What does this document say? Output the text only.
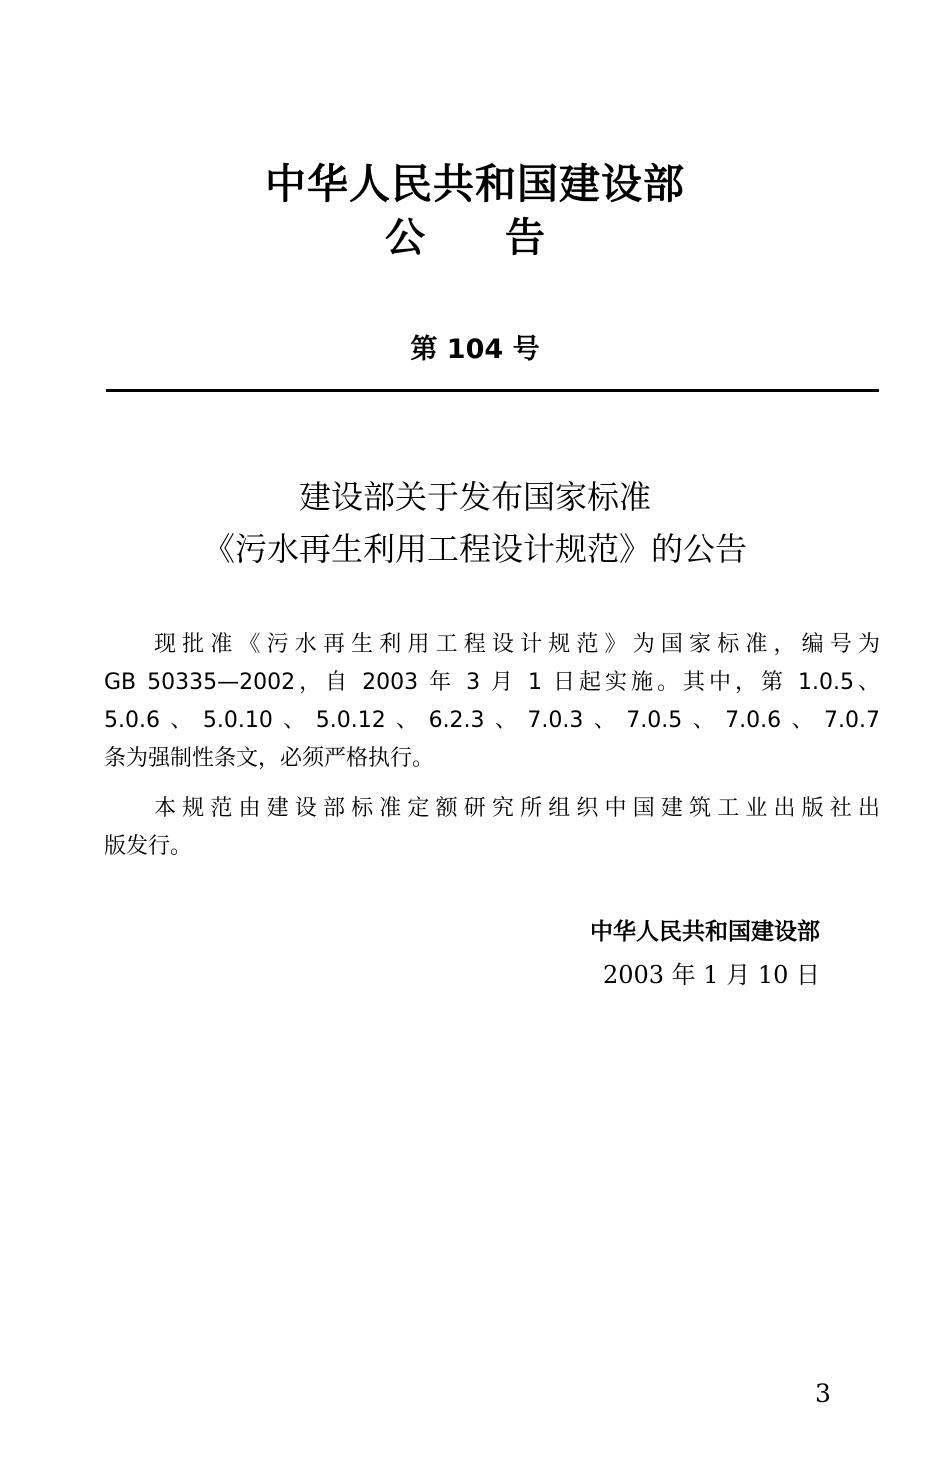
中华人民共和国建设部
公告
第 104 号
建设部关于发布国家标准
《污水再生利用工程设计规范》的公告
现批准《污水再生利用工程设计规范》为国家标准，编号为
GB 50335—2002，自 2003 年 3 月 1 日起实施。其中，第 1.0.5、
5.0.6、5.0.10、5.0.12、6.2.3、7.0.3、7.0.5、7.0.6、7.0.7
条为强制性条文，必须严格执行。
本规范由建设部标准定额研究所组织中国建筑工业出版社出
版发行。
中华人民共和国建设部
2003 年 1 月 10 日
3
